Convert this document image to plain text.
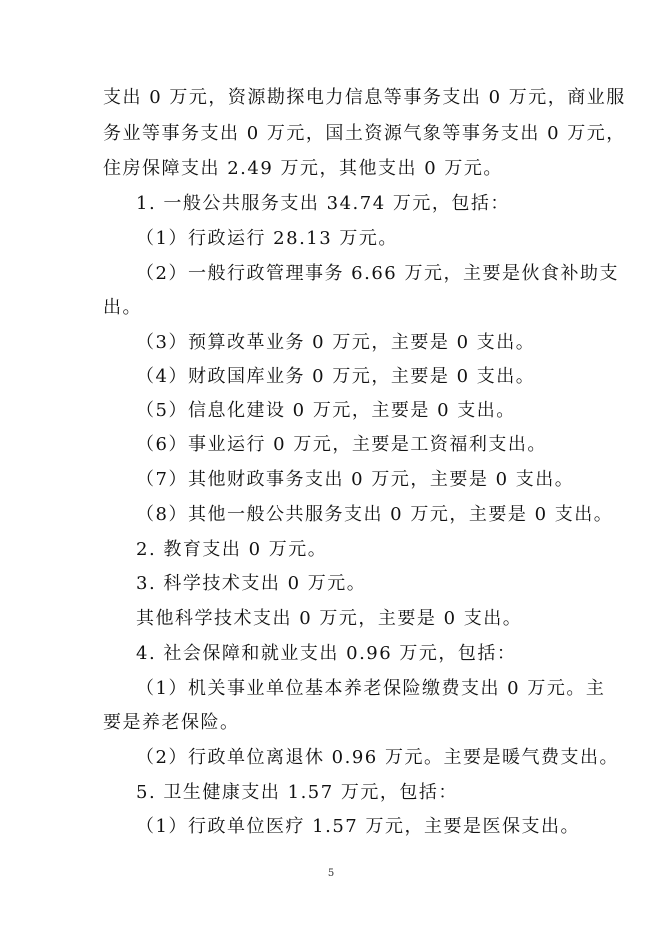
支出 0 万元，资源勘探电力信息等事务支出 0 万元，商业服
务业等事务支出 0 万元，国土资源气象等事务支出 0 万元，
住房保障支出 2.49 万元，其他支出 0 万元。
1. 一般公共服务支出 34.74 万元，包括：
（1）行政运行 28.13 万元。
（2）一般行政管理事务 6.66 万元，主要是伙食补助支
出。
（3）预算改革业务 0 万元，主要是 0 支出。
（4）财政国库业务 0 万元，主要是 0 支出。
（5）信息化建设 0 万元，主要是 0 支出。
（6）事业运行 0 万元，主要是工资福利支出。
（7）其他财政事务支出 0 万元，主要是 0 支出。
（8）其他一般公共服务支出 0 万元，主要是 0 支出。
2. 教育支出 0 万元。
3. 科学技术支出 0 万元。
其他科学技术支出 0 万元，主要是 0 支出。
4. 社会保障和就业支出 0.96 万元，包括：
（1）机关事业单位基本养老保险缴费支出 0 万元。主
要是养老保险。
（2）行政单位离退休 0.96 万元。主要是暖气费支出。
5. 卫生健康支出 1.57 万元，包括：
（1）行政单位医疗 1.57 万元，主要是医保支出。
5
